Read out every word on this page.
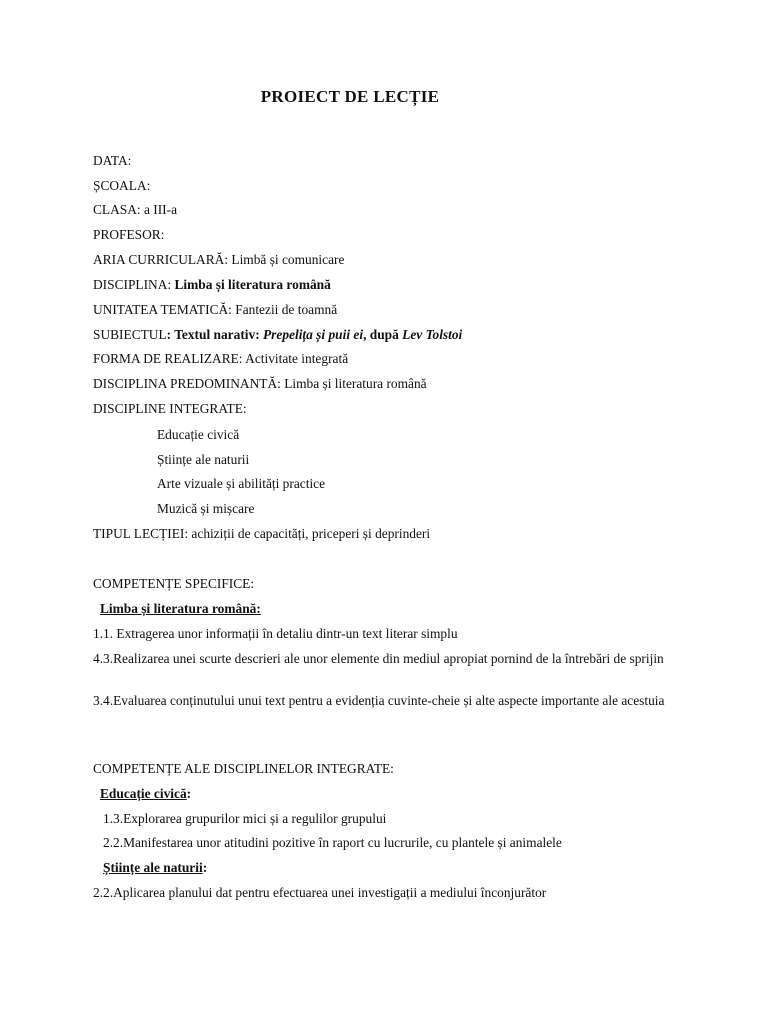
PROIECT DE LECȚIE
DATA:
ȘCOALA:
CLASA: a III-a
PROFESOR:
ARIA CURRICULARĂ: Limbă și comunicare
DISCIPLINA: Limba și literatura română
UNITATEA TEMATICĂ: Fantezii de toamnă
SUBIECTUL: Textul narativ: Prepelița și puii ei, după Lev Tolstoi
FORMA DE REALIZARE: Activitate integrată
DISCIPLINA PREDOMINANTĂ: Limba și literatura română
DISCIPLINE INTEGRATE:
Educație civică
Științe ale naturii
Arte vizuale și abilități practice
Muzică și mișcare
TIPUL LECȚIEI: achiziții de capacități, priceperi și deprinderi
COMPETENȚE SPECIFICE:
Limba și literatura română:
1.1. Extragerea unor informații în detaliu dintr-un text literar simplu
4.3.Realizarea unei scurte descrieri ale unor elemente din mediul apropiat pornind de la întrebări de sprijin
3.4.Evaluarea conținutului unui text pentru a evidenția cuvinte-cheie și alte aspecte importante ale acestuia
COMPETENȚE ALE DISCIPLINELOR INTEGRATE:
Educație civică:
1.3.Explorarea grupurilor mici și a regulilor grupului
2.2.Manifestarea unor atitudini pozitive în raport cu lucrurile, cu plantele și animalele
Științe ale naturii:
2.2.Aplicarea planului dat pentru efectuarea unei investigații a mediului înconjurător
